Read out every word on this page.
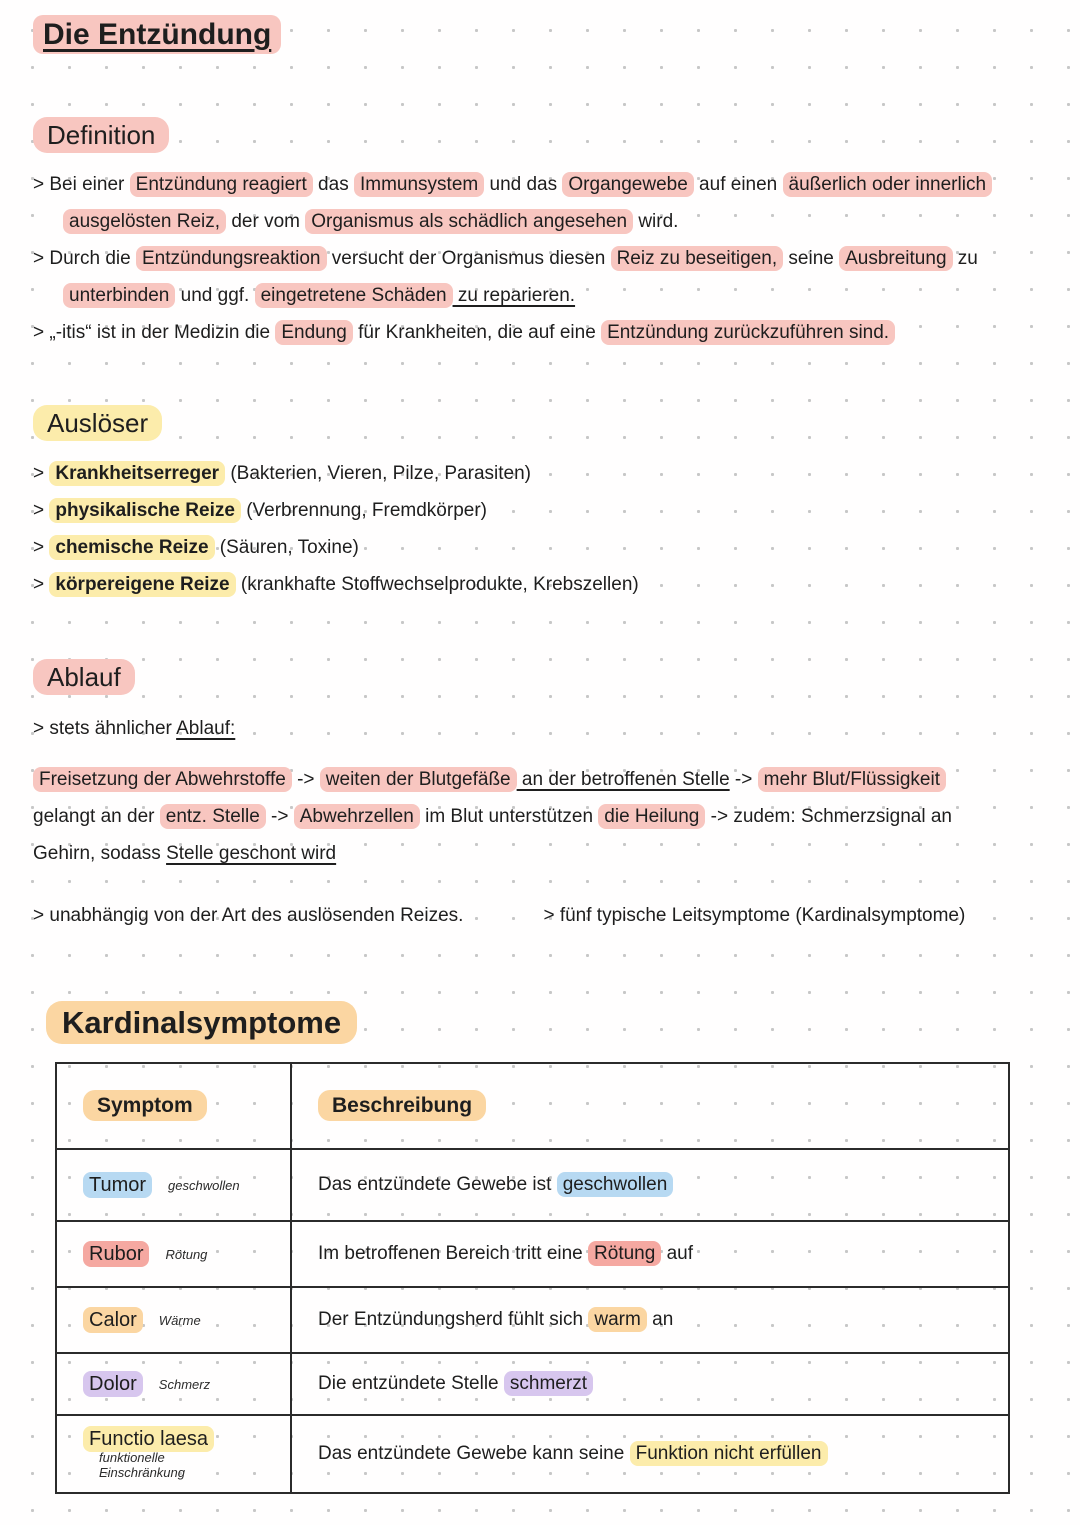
Die Entzündung
Definition
> Bei einer Entzündung reagiert das Immunsystem und das Organgewebe auf einen äußerlich oder innerlich
ausgelösten Reiz, der vom Organismus als schädlich angesehen wird.
> Durch die Entzündungsreaktion versucht der Organismus diesen Reiz zu beseitigen, seine Ausbreitung zu
unterbinden und ggf. eingetretene Schäden zu reparieren.
> „-itis“ ist in der Medizin die Endung für Krankheiten, die auf eine Entzündung zurückzuführen sind.
Auslöser
> Krankheitserreger (Bakterien, Vieren, Pilze, Parasiten)
> physikalische Reize (Verbrennung, Fremdkörper)
> chemische Reize (Säuren, Toxine)
> körpereigene Reize (krankhafte Stoffwechselprodukte, Krebszellen)
Ablauf
> stets ähnlicher Ablauf:
Freisetzung der Abwehrstoffe -> weiten der Blutgefäße an der betroffenen Stelle -> mehr Blut/Flüssigkeit
gelangt an der entz. Stelle -> Abwehrzellen im Blut unterstützen die Heilung -> zudem: Schmerzsignal an
Gehirn, sodass Stelle geschont wird
> unabhängig von der Art des auslösenden Reizes.	> fünf typische Leitsymptome (Kardinalsymptome)
Kardinalsymptome
Symptom	Beschreibung
Tumor geschwollen	Das entzündete Gewebe ist geschwollen
Rubor Rötung	Im betroffenen Bereich tritt eine Rötung auf
Calor Wärme	Der Entzündungsherd fühlt sich warm an
Dolor Schmerz	Die entzündete Stelle schmerzt
Functio laesafunktionelle Einschränkung	Das entzündete Gewebe kann seine Funktion nicht erfüllen
